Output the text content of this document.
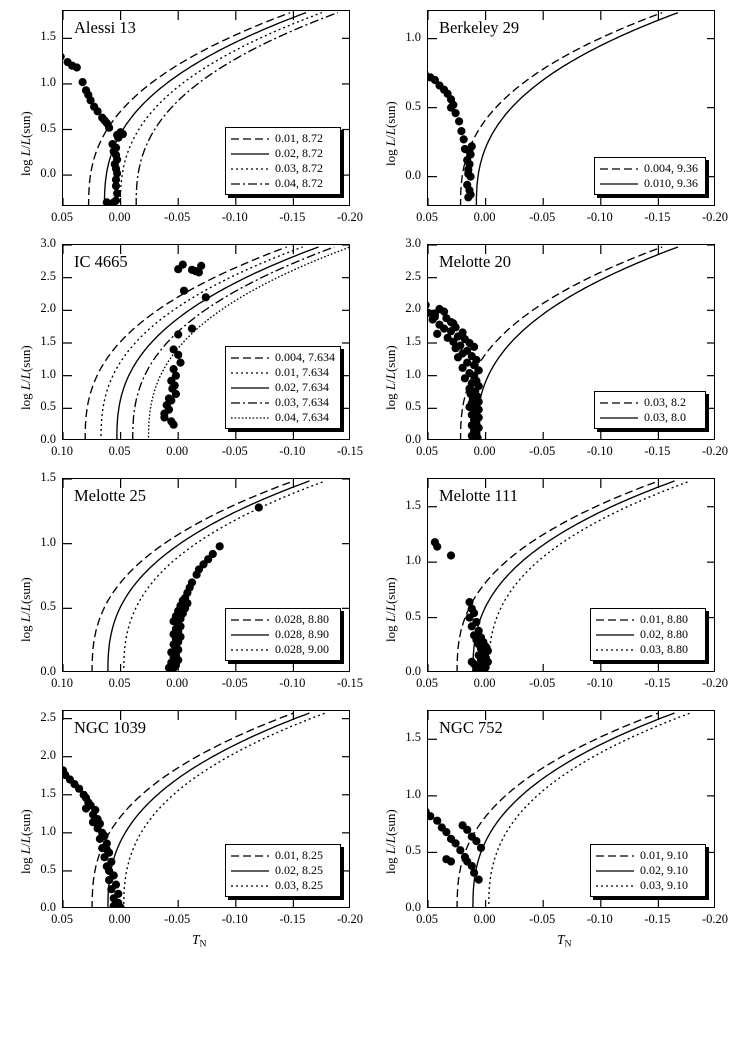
Alessi 13
0.05	0.00	-0.05	-0.10	-0.15	-0.20
0.0
0.5
1.0
1.5
log L/L(sun)	0.01, 8.72
0.02, 8.72
0.03, 8.72
0.04, 8.72
Berkeley 29
0.05	0.00	-0.05	-0.10	-0.15	-0.20
0.0
0.5
1.0
log L/L(sun)
0.004, 9.36
0.010, 9.36
IC 4665
0.10	0.05	0.00	-0.05	-0.10	-0.15
0.0
0.5
1.0
1.5
2.0
2.5
3.0
log L/L(sun)	0.004, 7.634
0.01, 7.634
0.02, 7.634
0.03, 7.634
0.04, 7.634
Melotte 20
0.05	0.00	-0.05	-0.10	-0.15	-0.20
0.0
0.5
1.0
1.5
2.0
2.5
3.0
log L/L(sun)
0.03, 8.2
0.03, 8.0
Melotte 25
0.10	0.05	0.00	-0.05	-0.10	-0.15
0.0
0.5
1.0
1.5
log L/L(sun)
0.028, 8.80
0.028, 8.90
0.028, 9.00
Melotte 111
0.05	0.00	-0.05	-0.10	-0.15	-0.20
0.0
0.5
1.0
1.5
log L/L(sun)
0.01, 8.80
0.02, 8.80
0.03, 8.80
NGC 1039
0.05	0.00	-0.05	-0.10	-0.15	-0.20
0.0
0.5
1.0
1.5
2.0
2.5
log L/L(sun)
$T_N$
0.01, 8.25
0.02, 8.25
0.03, 8.25
NGC 752
0.05	0.00	-0.05	-0.10	-0.15	-0.20
0.0
0.5
1.0
1.5
log L/L(sun)
$T_N$
0.01, 9.10
0.02, 9.10
0.03, 9.10
